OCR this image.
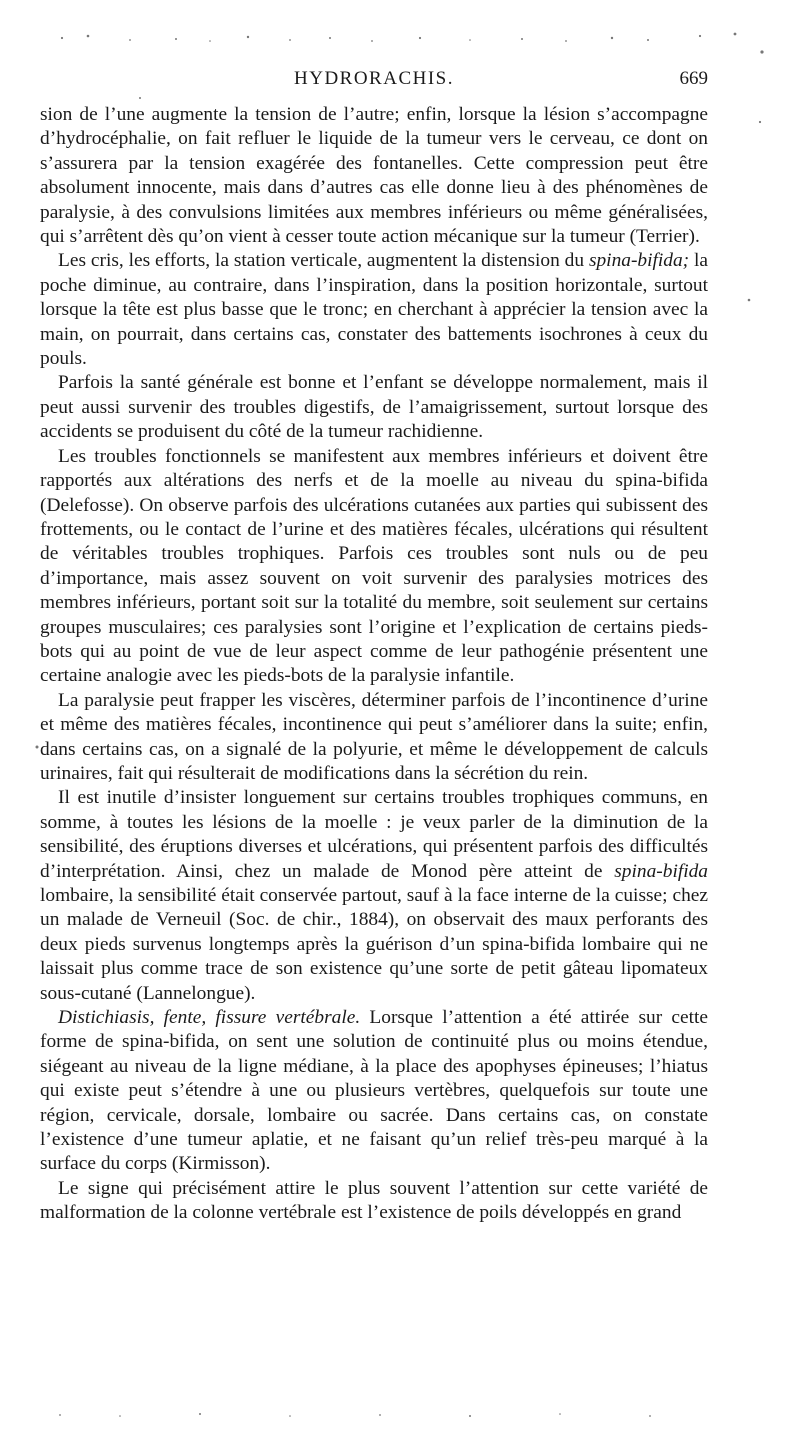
HYDRORACHIS.	669

sion de l’une augmente la tension de l’autre; enfin, lorsque la lésion s’accompagne d’hydrocéphalie, on fait refluer le liquide de la tumeur vers le cerveau, ce dont on s’assurera par la tension exagérée des fontanelles. Cette compression peut être absolument innocente, mais dans d’autres cas elle donne lieu à des phénomènes de paralysie, à des convulsions limitées aux membres inférieurs ou même généralisées, qui s’arrêtent dès qu’on vient à cesser toute action mécanique sur la tumeur (Terrier).

Les cris, les efforts, la station verticale, augmentent la distension du spina-bifida; la poche diminue, au contraire, dans l’inspiration, dans la position horizontale, surtout lorsque la tête est plus basse que le tronc; en cherchant à apprécier la tension avec la main, on pourrait, dans certains cas, constater des battements isochrones à ceux du pouls.

Parfois la santé générale est bonne et l’enfant se développe normalement, mais il peut aussi survenir des troubles digestifs, de l’amaigrissement, surtout lorsque des accidents se produisent du côté de la tumeur rachidienne.

Les troubles fonctionnels se manifestent aux membres inférieurs et doivent être rapportés aux altérations des nerfs et de la moelle au niveau du spina-bifida (Delefosse). On observe parfois des ulcérations cutanées aux parties qui subissent des frottements, ou le contact de l’urine et des matières fécales, ulcérations qui résultent de véritables troubles trophiques. Parfois ces troubles sont nuls ou de peu d’importance, mais assez souvent on voit survenir des paralysies motrices des membres inférieurs, portant soit sur la totalité du membre, soit seulement sur certains groupes musculaires; ces paralysies sont l’origine et l’explication de certains pieds-bots qui au point de vue de leur aspect comme de leur pathogénie présentent une certaine analogie avec les pieds-bots de la paralysie infantile.

La paralysie peut frapper les viscères, déterminer parfois de l’incontinence d’urine et même des matières fécales, incontinence qui peut s’améliorer dans la suite; enfin, dans certains cas, on a signalé de la polyurie, et même le développement de calculs urinaires, fait qui résulterait de modifications dans la sécrétion du rein.

Il est inutile d’insister longuement sur certains troubles trophiques communs, en somme, à toutes les lésions de la moelle : je veux parler de la diminution de la sensibilité, des éruptions diverses et ulcérations, qui présentent parfois des difficultés d’interprétation. Ainsi, chez un malade de Monod père atteint de spina-bifida lombaire, la sensibilité était conservée partout, sauf à la face interne de la cuisse; chez un malade de Verneuil (Soc. de chir., 1884), on observait des maux perforants des deux pieds survenus longtemps après la guérison d’un spina-bifida lombaire qui ne laissait plus comme trace de son existence qu’une sorte de petit gâteau lipomateux sous-cutané (Lannelongue).

Distichiasis, fente, fissure vertébrale. Lorsque l’attention a été attirée sur cette forme de spina-bifida, on sent une solution de continuité plus ou moins étendue, siégeant au niveau de la ligne médiane, à la place des apophyses épineuses; l’hiatus qui existe peut s’étendre à une ou plusieurs vertèbres, quelquefois sur toute une région, cervicale, dorsale, lombaire ou sacrée. Dans certains cas, on constate l’existence d’une tumeur aplatie, et ne faisant qu’un relief très-peu marqué à la surface du corps (Kirmisson).

Le signe qui précisément attire le plus souvent l’attention sur cette variété de malformation de la colonne vertébrale est l’existence de poils développés en grand
